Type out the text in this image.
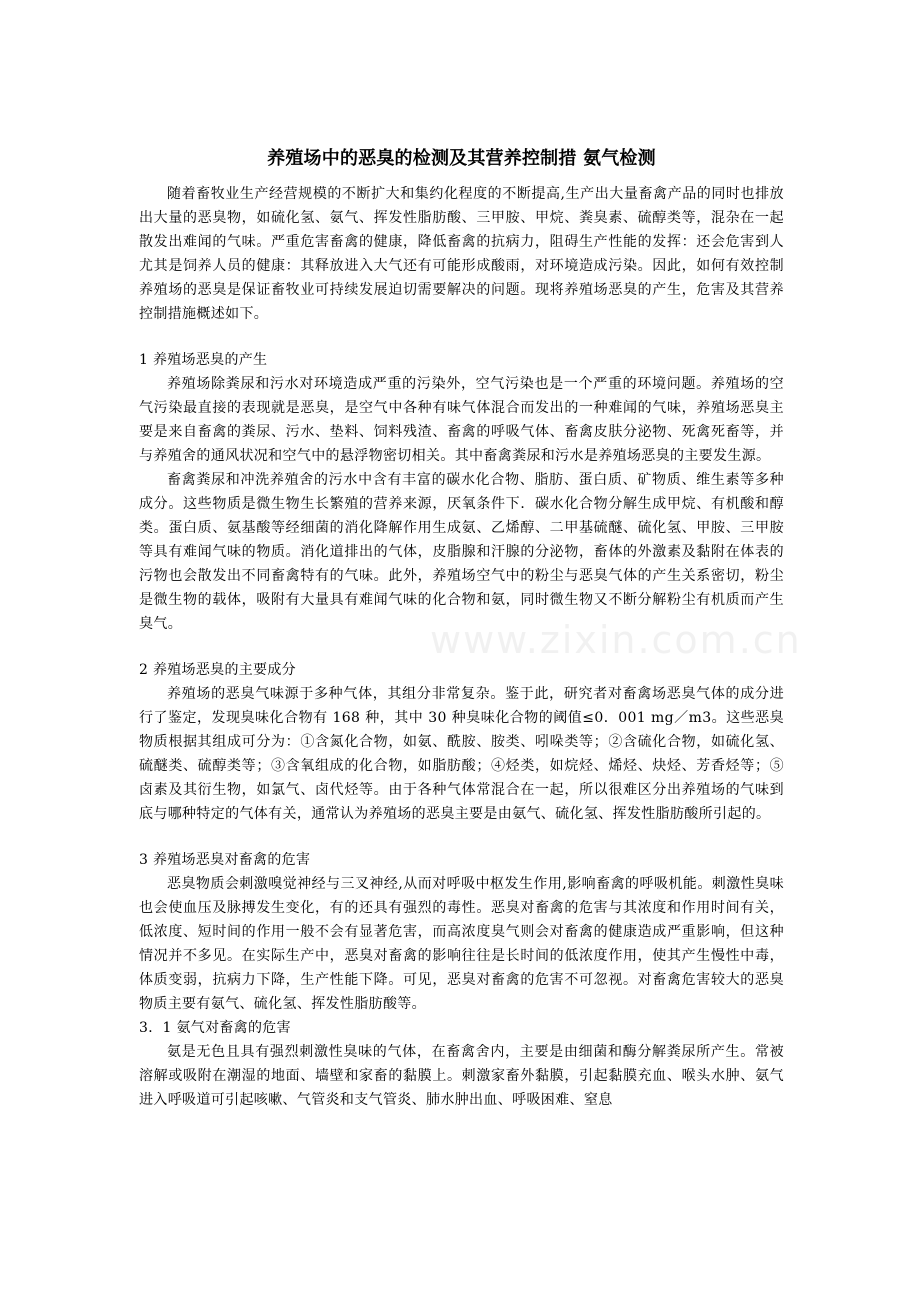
www.zixin.com.cn
养殖场中的恶臭的检测及其营养控制措 氨气检测

随着畜牧业生产经营规模的不断扩大和集约化程度的不断提高,生产出大量畜禽产品的同时也排放出大量的恶臭物，如硫化氢、氨气、挥发性脂肪酸、三甲胺、甲烷、粪臭素、硫醇类等，混杂在一起散发出难闻的气味。严重危害畜禽的健康，降低畜禽的抗病力，阻碍生产性能的发挥：还会危害到人尤其是饲养人员的健康：其释放进入大气还有可能形成酸雨，对环境造成污染。因此，如何有效控制养殖场的恶臭是保证畜牧业可持续发展迫切需要解决的问题。现将养殖场恶臭的产生，危害及其营养控制措施概述如下。

1 养殖场恶臭的产生

养殖场除粪尿和污水对环境造成严重的污染外，空气污染也是一个严重的环境问题。养殖场的空气污染最直接的表现就是恶臭，是空气中各种有味气体混合而发出的一种难闻的气味，养殖场恶臭主要是来自畜禽的粪尿、污水、垫料、饲料残渣、畜禽的呼吸气体、畜禽皮肤分泌物、死禽死畜等，并与养殖舍的通风状况和空气中的悬浮物密切相关。其中畜禽粪尿和污水是养殖场恶臭的主要发生源。

畜禽粪尿和冲洗养殖舍的污水中含有丰富的碳水化合物、脂肪、蛋白质、矿物质、维生素等多种成分。这些物质是微生物生长繁殖的营养来源，厌氧条件下．碳水化合物分解生成甲烷、有机酸和醇类。蛋白质、氨基酸等经细菌的消化降解作用生成氨、乙烯醇、二甲基硫醚、硫化氢、甲胺、三甲胺等具有难闻气味的物质。消化道排出的气体，皮脂腺和汗腺的分泌物，畜体的外激素及黏附在体表的污物也会散发出不同畜禽特有的气味。此外，养殖场空气中的粉尘与恶臭气体的产生关系密切，粉尘是微生物的载体，吸附有大量具有难闻气味的化合物和氨，同时微生物又不断分解粉尘有机质而产生臭气。

2 养殖场恶臭的主要成分

养殖场的恶臭气味源于多种气体，其组分非常复杂。鉴于此，研究者对畜禽场恶臭气体的成分进行了鉴定，发现臭味化合物有 168 种，其中 30 种臭味化合物的阈值≤0．001 mg／m3。这些恶臭物质根据其组成可分为：①含氮化合物，如氨、酰胺、胺类、吲哚类等；②含硫化合物，如硫化氢、硫醚类、硫醇类等；③含氧组成的化合物，如脂肪酸；④烃类，如烷烃、烯烃、炔烃、芳香烃等；⑤卤素及其衍生物，如氯气、卤代烃等。由于各种气体常混合在一起，所以很难区分出养殖场的气味到底与哪种特定的气体有关，通常认为养殖场的恶臭主要是由氨气、硫化氢、挥发性脂肪酸所引起的。

3 养殖场恶臭对畜禽的危害

恶臭物质会刺激嗅觉神经与三叉神经,从而对呼吸中枢发生作用,影响畜禽的呼吸机能。刺激性臭味也会使血压及脉搏发生变化，有的还具有强烈的毒性。恶臭对畜禽的危害与其浓度和作用时间有关，低浓度、短时间的作用一般不会有显著危害，而高浓度臭气则会对畜禽的健康造成严重影响，但这种情况并不多见。在实际生产中，恶臭对畜禽的影响往往是长时间的低浓度作用，使其产生慢性中毒，体质变弱，抗病力下降，生产性能下降。可见，恶臭对畜禽的危害不可忽视。对畜禽危害较大的恶臭物质主要有氨气、硫化氢、挥发性脂肪酸等。

3．1 氨气对畜禽的危害

氨是无色且具有强烈刺激性臭味的气体，在畜禽舍内，主要是由细菌和酶分解粪尿所产生。常被溶解或吸附在潮湿的地面、墙壁和家畜的黏膜上。刺激家畜外黏膜，引起黏膜充血、喉头水肿、氨气进入呼吸道可引起咳嗽、气管炎和支气管炎、肺水肿出血、呼吸困难、窒息
